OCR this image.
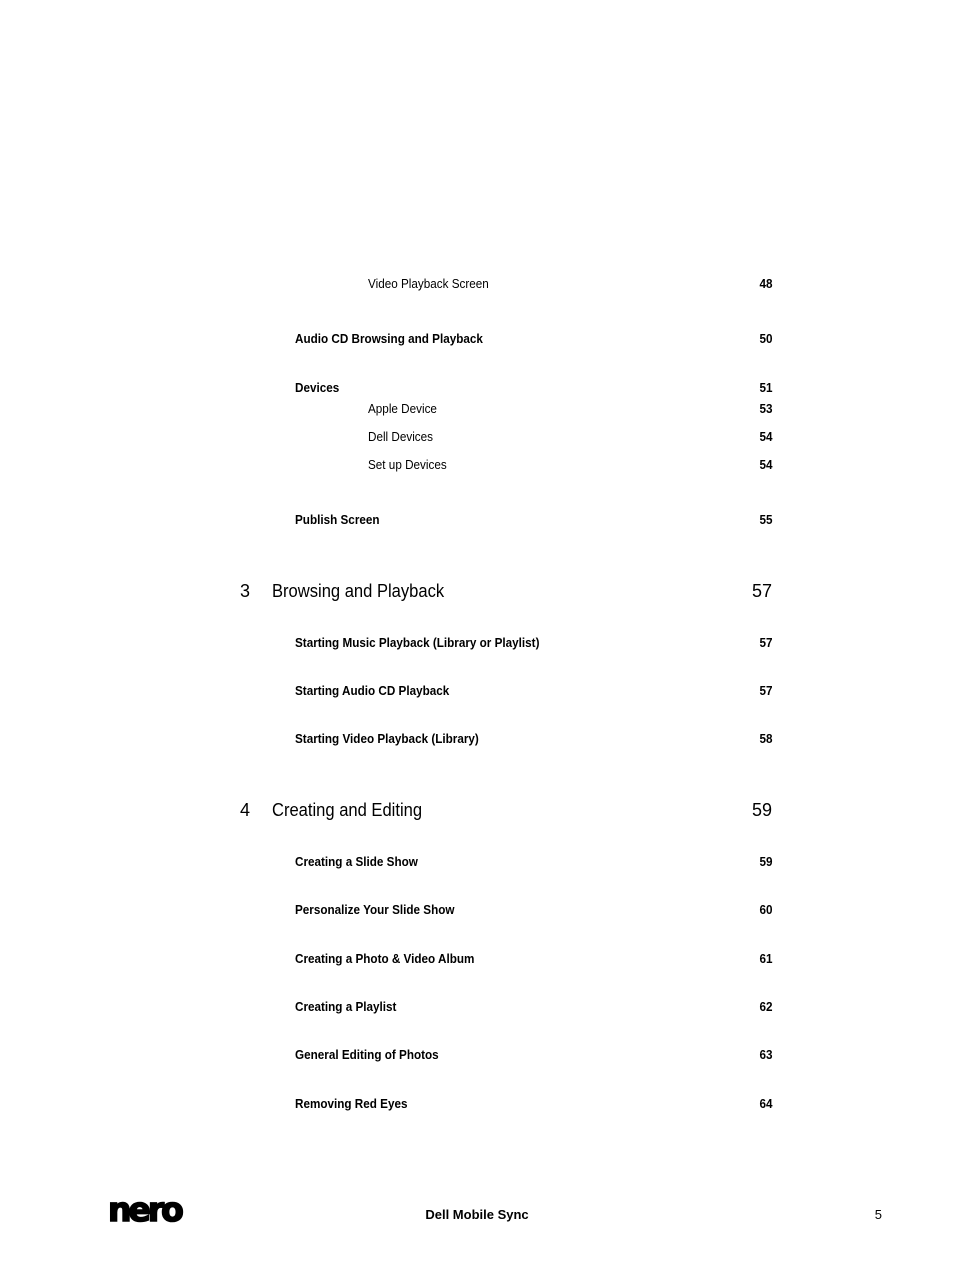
Video Playback Screen	48
Audio CD Browsing and Playback	50
Devices	51
Apple Device	53
Dell Devices	54
Set up Devices	54
Publish Screen	55
3 Browsing and Playback	57
Starting Music Playback (Library or Playlist)	57
Starting Audio CD Playback	57
Starting Video Playback (Library)	58
4 Creating and Editing	59
Creating a Slide Show	59
Personalize Your Slide Show	60
Creating a Photo & Video Album	61
Creating a Playlist	62
General Editing of Photos	63
Removing Red Eyes	64
nero	Dell Mobile Sync	5
